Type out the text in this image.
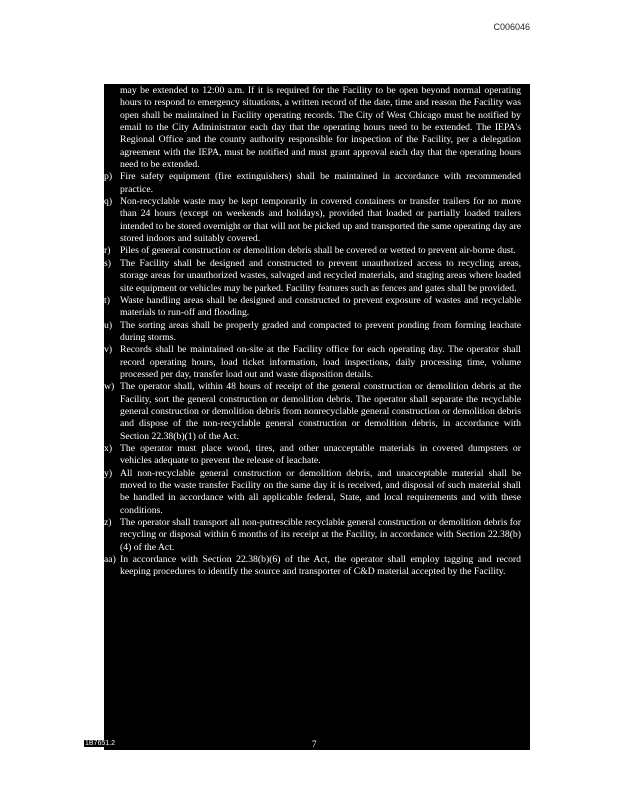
C006046

may be extended to 12:00 a.m. If it is required for the Facility to be open beyond normal operating hours to respond to emergency situations, a written record of the date, time and reason the Facility was open shall be maintained in Facility operating records. The City of West Chicago must be notified by email to the City Administrator each day that the operating hours need to be extended. The IEPA's Regional Office and the county authority responsible for inspection of the Facility, per a delegation agreement with the IEPA, must be notified and must grant approval each day that the operating hours need to be extended.

p) Fire safety equipment (fire extinguishers) shall be maintained in accordance with recommended practice.
q) Non-recyclable waste may be kept temporarily in covered containers or transfer trailers for no more than 24 hours (except on weekends and holidays), provided that loaded or partially loaded trailers intended to be stored overnight or that will not be picked up and transported the same operating day are stored indoors and suitably covered.
r) Piles of general construction or demolition debris shall be covered or wetted to prevent air-borne dust.
s) The Facility shall be designed and constructed to prevent unauthorized access to recycling areas, storage areas for unauthorized wastes, salvaged and recycled materials, and staging areas where loaded site equipment or vehicles may be parked. Facility features such as fences and gates shall be provided.
t)	Waste handling areas shall be designed and constructed to prevent exposure of wastes and recyclable materials to run-off and flooding.
u) The sorting areas shall be properly graded and compacted to prevent ponding from forming leachate during storms.
v) Records shall be maintained on-site at the Facility office for each operating day. The operator shall record operating hours, load ticket information, load inspections, daily processing time, volume processed per day, transfer load out and waste disposition details.
w) The operator shall, within 48 hours of receipt of the general construction or demolition debris at the Facility, sort the general construction or demolition debris. The operator shall separate the recyclable general construction or demolition debris from nonrecyclable general construction or demolition debris and dispose of the non-recyclable general construction or demolition debris, in accordance with Section 22.38(b)(1) of the Act.
x) The operator must place wood, tires, and other unacceptable materials in covered dumpsters or vehicles adequate to prevent the release of leachate.
y) All non-recyclable general construction or demolition debris, and unacceptable material shall be moved to the waste transfer Facility on the same day it is received, and disposal of such material shall be handled in accordance with all applicable federal, State, and local requirements and with these conditions.
z) The operator shall transport all non-putrescible recyclable general construction or demolition debris for recycling or disposal within 6 months of its receipt at the Facility, in accordance with Section 22.38(b)(4) of the Act.
aa) In accordance with Section 22.38(b)(6) of the Act, the operator shall employ tagging and record keeping procedures to identify the source and transporter of C&D material accepted by the Facility.
1B7651.2	7
